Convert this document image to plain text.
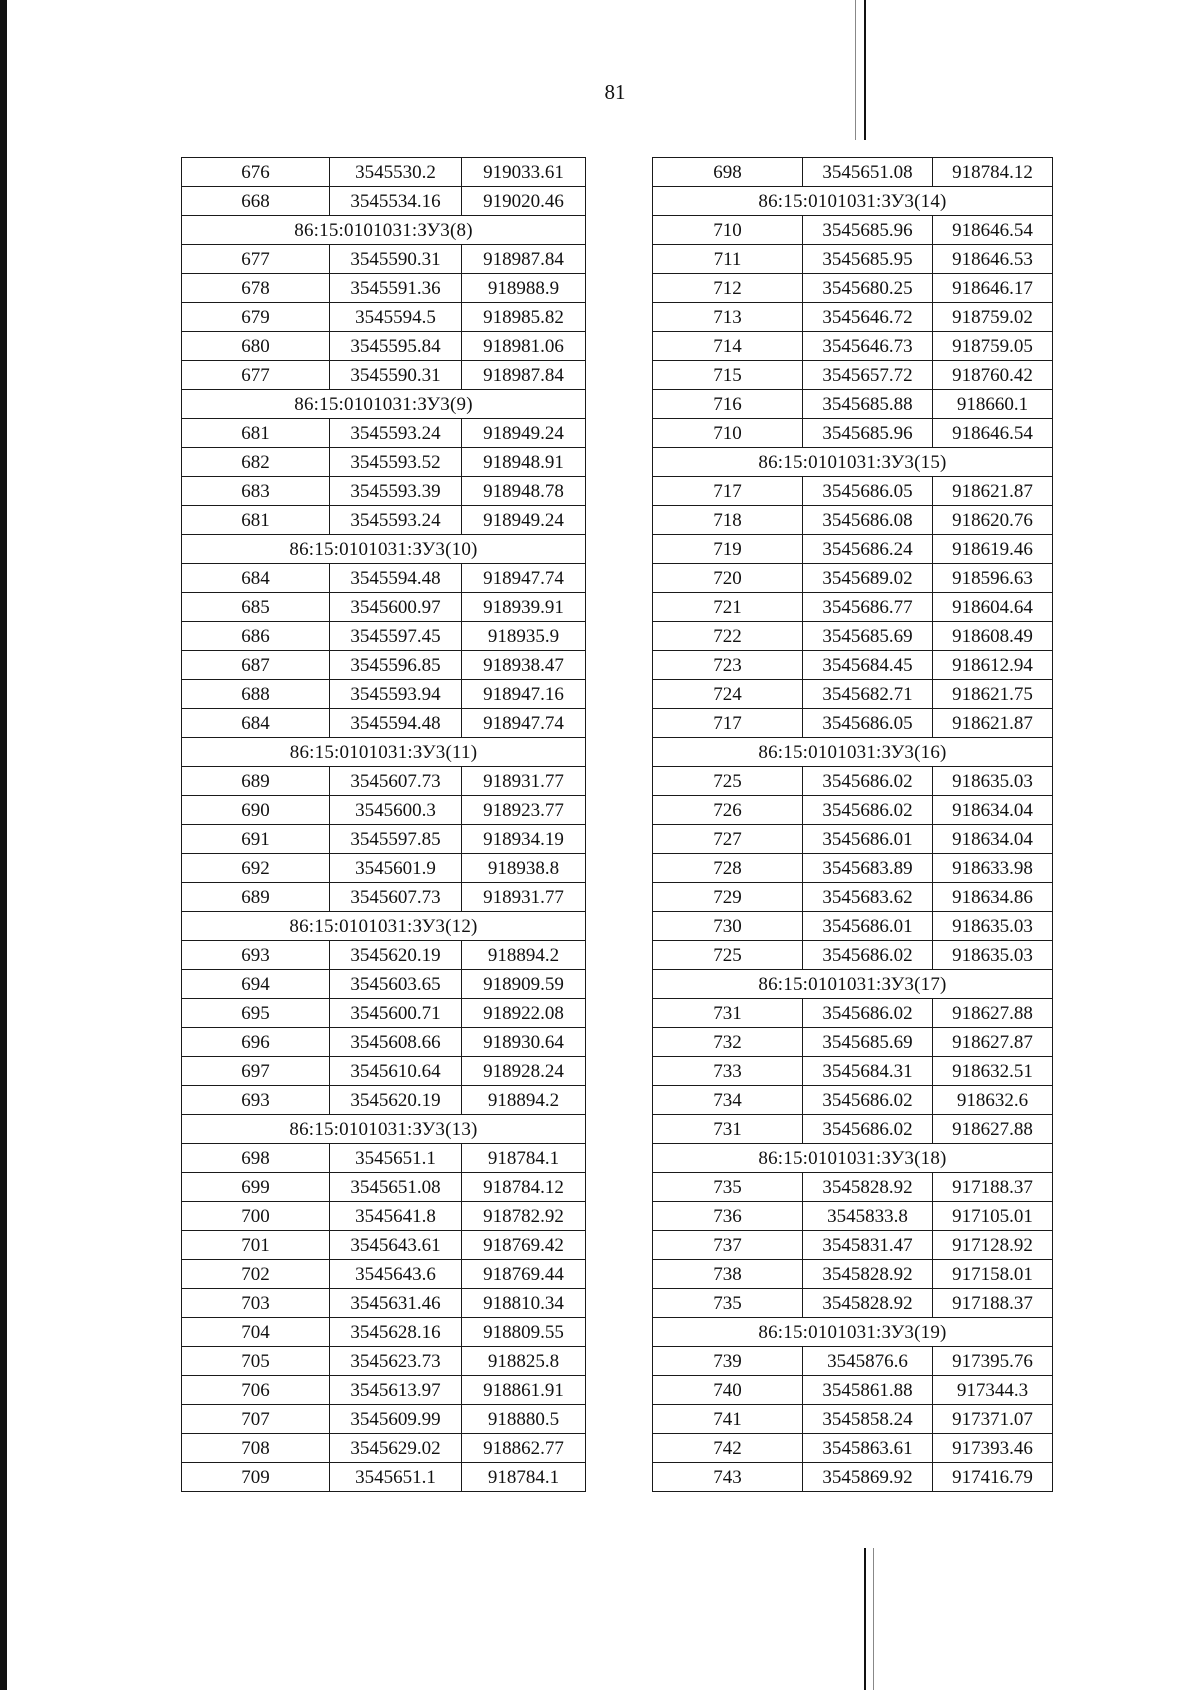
81
676	3545530.2	919033.61
668	3545534.16	919020.46
86:15:0101031:ЗУ3(8)		
677	3545590.31	918987.84
678	3545591.36	918988.9
679	3545594.5	918985.82
680	3545595.84	918981.06
677	3545590.31	918987.84
86:15:0101031:ЗУ3(9)		
681	3545593.24	918949.24
682	3545593.52	918948.91
683	3545593.39	918948.78
681	3545593.24	918949.24
86:15:0101031:ЗУ3(10)		
684	3545594.48	918947.74
685	3545600.97	918939.91
686	3545597.45	918935.9
687	3545596.85	918938.47
688	3545593.94	918947.16
684	3545594.48	918947.74
86:15:0101031:ЗУ3(11)		
689	3545607.73	918931.77
690	3545600.3	918923.77
691	3545597.85	918934.19
692	3545601.9	918938.8
689	3545607.73	918931.77
86:15:0101031:ЗУ3(12)		
693	3545620.19	918894.2
694	3545603.65	918909.59
695	3545600.71	918922.08
696	3545608.66	918930.64
697	3545610.64	918928.24
693	3545620.19	918894.2
86:15:0101031:ЗУ3(13)		
698	3545651.1	918784.1
699	3545651.08	918784.12
700	3545641.8	918782.92
701	3545643.61	918769.42
702	3545643.6	918769.44
703	3545631.46	918810.34
704	3545628.16	918809.55
705	3545623.73	918825.8
706	3545613.97	918861.91
707	3545609.99	918880.5
708	3545629.02	918862.77
709	3545651.1	918784.1
698	3545651.08	918784.12
86:15:0101031:ЗУ3(14)		
710	3545685.96	918646.54
711	3545685.95	918646.53
712	3545680.25	918646.17
713	3545646.72	918759.02
714	3545646.73	918759.05
715	3545657.72	918760.42
716	3545685.88	918660.1
710	3545685.96	918646.54
86:15:0101031:ЗУ3(15)		
717	3545686.05	918621.87
718	3545686.08	918620.76
719	3545686.24	918619.46
720	3545689.02	918596.63
721	3545686.77	918604.64
722	3545685.69	918608.49
723	3545684.45	918612.94
724	3545682.71	918621.75
717	3545686.05	918621.87
86:15:0101031:ЗУ3(16)		
725	3545686.02	918635.03
726	3545686.02	918634.04
727	3545686.01	918634.04
728	3545683.89	918633.98
729	3545683.62	918634.86
730	3545686.01	918635.03
725	3545686.02	918635.03
86:15:0101031:ЗУ3(17)		
731	3545686.02	918627.88
732	3545685.69	918627.87
733	3545684.31	918632.51
734	3545686.02	918632.6
731	3545686.02	918627.88
86:15:0101031:ЗУ3(18)		
735	3545828.92	917188.37
736	3545833.8	917105.01
737	3545831.47	917128.92
738	3545828.92	917158.01
735	3545828.92	917188.37
86:15:0101031:ЗУ3(19)		
739	3545876.6	917395.76
740	3545861.88	917344.3
741	3545858.24	917371.07
742	3545863.61	917393.46
743	3545869.92	917416.79
